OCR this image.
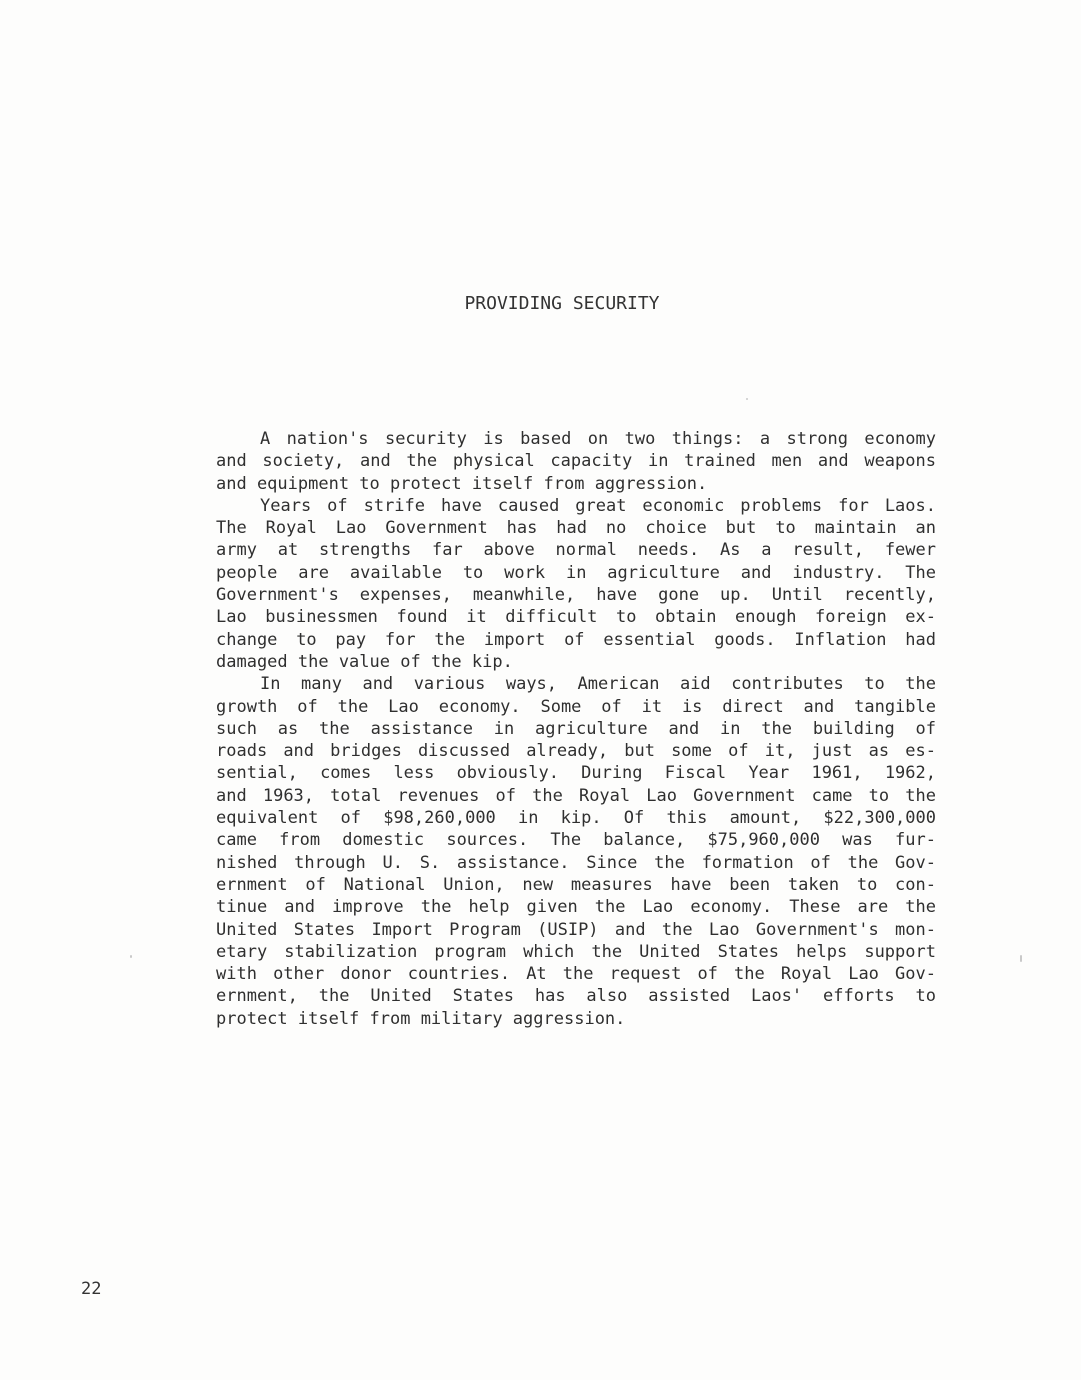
PROVIDING SECURITY
A nation's security is based on two things: a strong economy
and society, and the physical capacity in trained men and weapons
and equipment to protect itself from aggression.
Years of strife have caused great economic problems for Laos.
The Royal Lao Government has had no choice but to maintain an
army at strengths far above normal needs. As a result, fewer
people are available to work in agriculture and industry. The
Government's expenses, meanwhile, have gone up. Until recently,
Lao businessmen found it difficult to obtain enough foreign ex-
change to pay for the import of essential goods. Inflation had
damaged the value of the kip.
In many and various ways, American aid contributes to the
growth of the Lao economy. Some of it is direct and tangible
such as the assistance in agriculture and in the building of
roads and bridges discussed already, but some of it, just as es-
sential, comes less obviously. During Fiscal Year 1961, 1962,
and 1963, total revenues of the Royal Lao Government came to the
equivalent of $98,260,000 in kip. Of this amount, $22,300,000
came from domestic sources. The balance, $75,960,000 was fur-
nished through U. S. assistance. Since the formation of the Gov-
ernment of National Union, new measures have been taken to con-
tinue and improve the help given the Lao economy. These are the
United States Import Program (USIP) and the Lao Government's mon-
etary stabilization program which the United States helps support
with other donor countries. At the request of the Royal Lao Gov-
ernment, the United States has also assisted Laos' efforts to
protect itself from military aggression.
22
